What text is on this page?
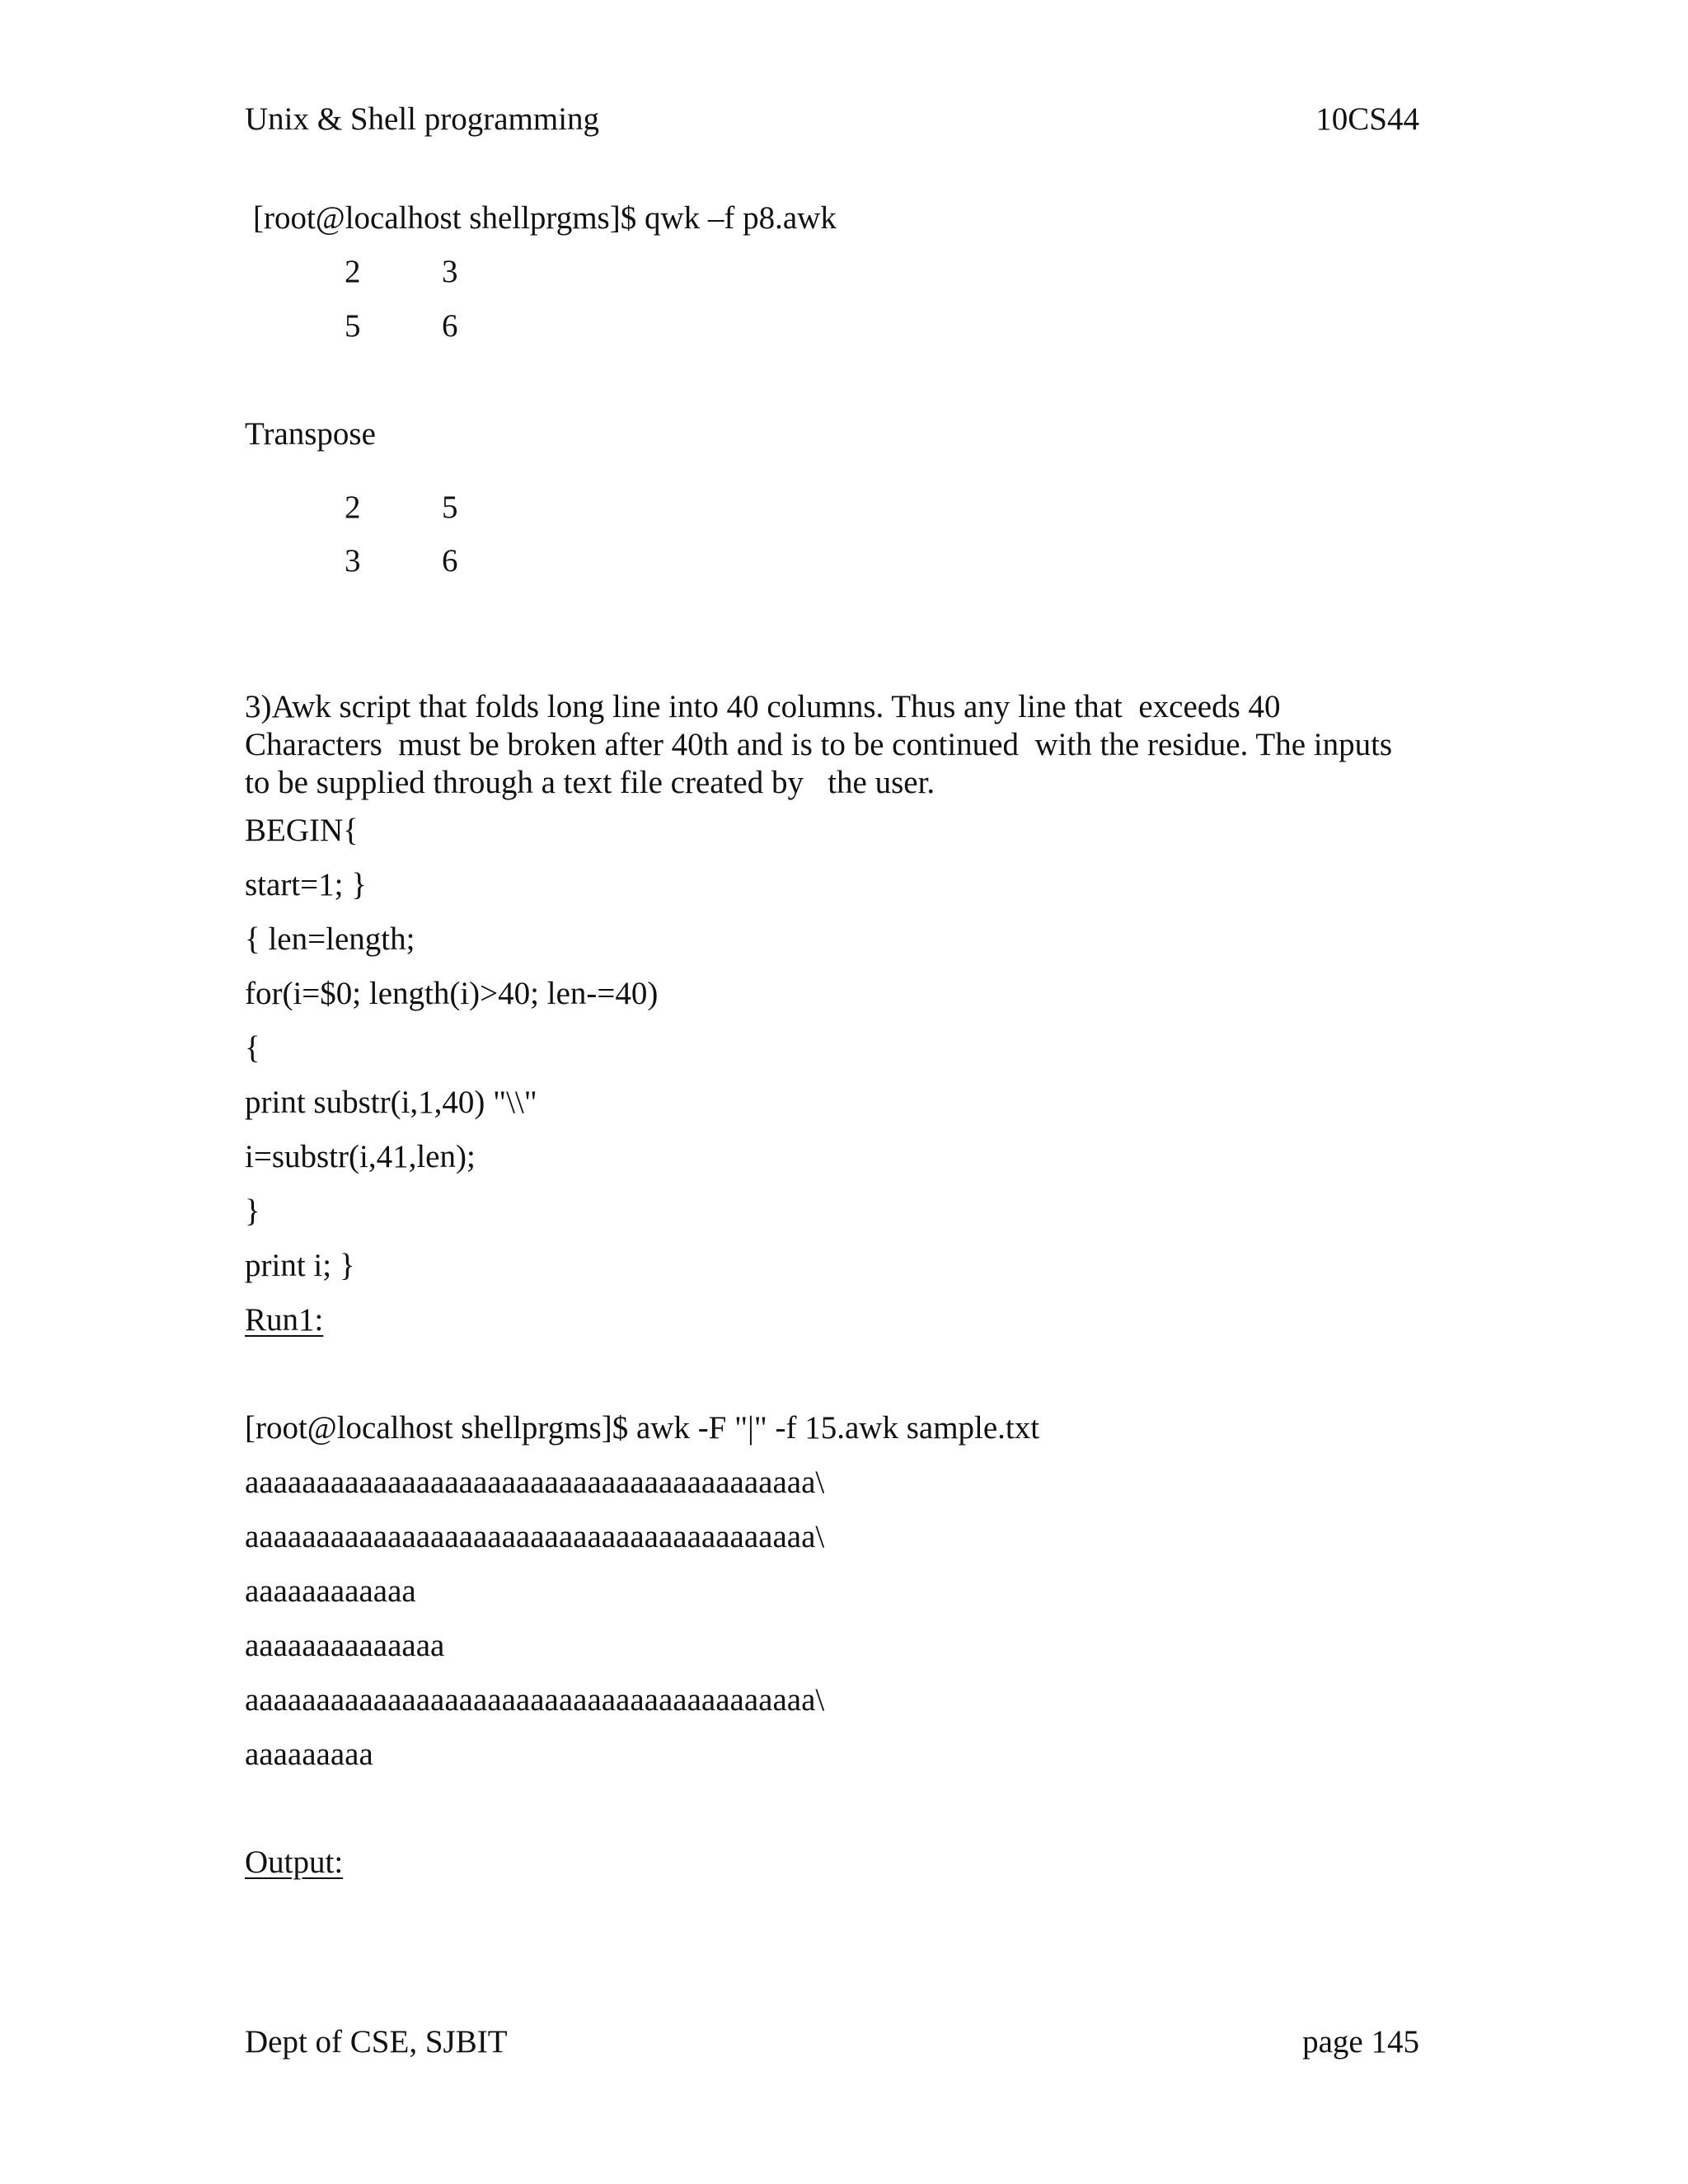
Unix & Shell programming	10CS44
[root@localhost shellprgms]$ qwk –f p8.awk
2	3
5	6
Transpose
2	5
3	6
3)Awk script that folds long line into 40 columns. Thus any line that  exceeds 40
Characters  must be broken after 40th and is to be continued  with the residue. The inputs
to be supplied through a text file created by   the user.
BEGIN{
start=1; }
{ len=length;
for(i=$0; length(i)>40; len-=40)
{
print substr(i,1,40) "\\"
i=substr(i,41,len);
}
print i; }
Run1:
[root@localhost shellprgms]$ awk -F "|" -f 15.awk sample.txt
aaaaaaaaaaaaaaaaaaaaaaaaaaaaaaaaaaaaaaaa\
aaaaaaaaaaaaaaaaaaaaaaaaaaaaaaaaaaaaaaaa\
aaaaaaaaaaaa
aaaaaaaaaaaaaa
aaaaaaaaaaaaaaaaaaaaaaaaaaaaaaaaaaaaaaaa\
aaaaaaaaa
Output:
Dept of CSE, SJBIT	page 145
